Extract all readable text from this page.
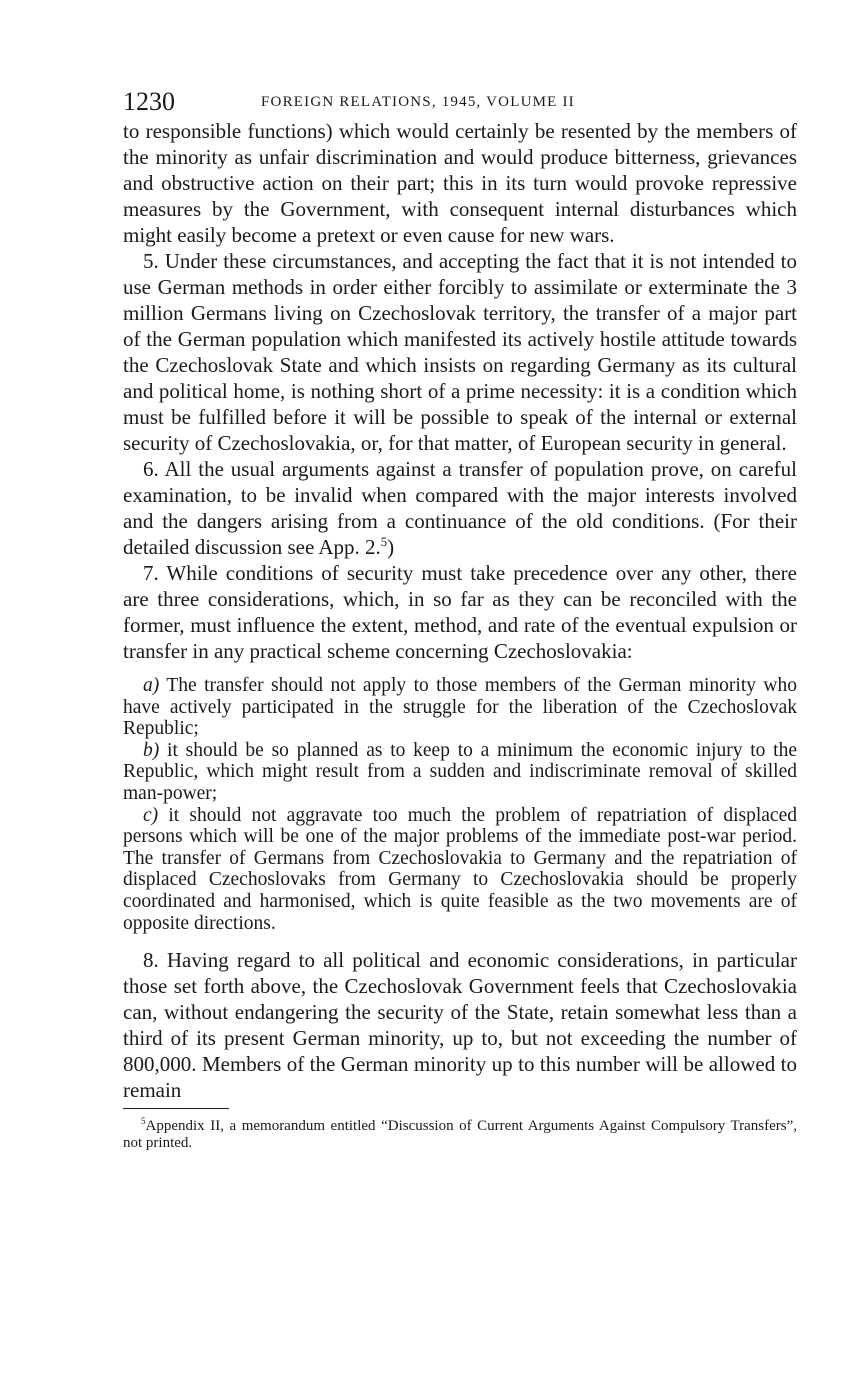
1230	FOREIGN RELATIONS, 1945, VOLUME II

to responsible functions) which would certainly be resented by the members of the minority as unfair discrimination and would produce bitterness, grievances and obstructive action on their part; this in its turn would provoke repressive measures by the Government, with consequent internal disturbances which might easily become a pretext or even cause for new wars.

5. Under these circumstances, and accepting the fact that it is not intended to use German methods in order either forcibly to assimilate or exterminate the 3 million Germans living on Czechoslovak territory, the transfer of a major part of the German population which manifested its actively hostile attitude towards the Czechoslovak State and which insists on regarding Germany as its cultural and political home, is nothing short of a prime necessity: it is a condition which must be fulfilled before it will be possible to speak of the internal or external security of Czechoslovakia, or, for that matter, of European security in general.

6. All the usual arguments against a transfer of population prove, on careful examination, to be invalid when compared with the major interests involved and the dangers arising from a continuance of the old conditions. (For their detailed discussion see App. 2.$^5$)

7. While conditions of security must take precedence over any other, there are three considerations, which, in so far as they can be reconciled with the former, must influence the extent, method, and rate of the eventual expulsion or transfer in any practical scheme concerning Czechoslovakia:

a) The transfer should not apply to those members of the German minority who have actively participated in the struggle for the liberation of the Czechoslovak Republic;

b) it should be so planned as to keep to a minimum the economic injury to the Republic, which might result from a sudden and indiscriminate removal of skilled man-power;

c) it should not aggravate too much the problem of repatriation of displaced persons which will be one of the major problems of the immediate post-war period. The transfer of Germans from Czechoslovakia to Germany and the repatriation of displaced Czechoslovaks from Germany to Czechoslovakia should be properly coordinated and harmonised, which is quite feasible as the two movements are of opposite directions.

8. Having regard to all political and economic considerations, in particular those set forth above, the Czechoslovak Government feels that Czechoslovakia can, without endangering the security of the State, retain somewhat less than a third of its present German minority, up to, but not exceeding the number of 800,000. Members of the German minority up to this number will be allowed to remain

$^5$Appendix II, a memorandum entitled “Discussion of Current Arguments Against Compulsory Transfers”, not printed.
